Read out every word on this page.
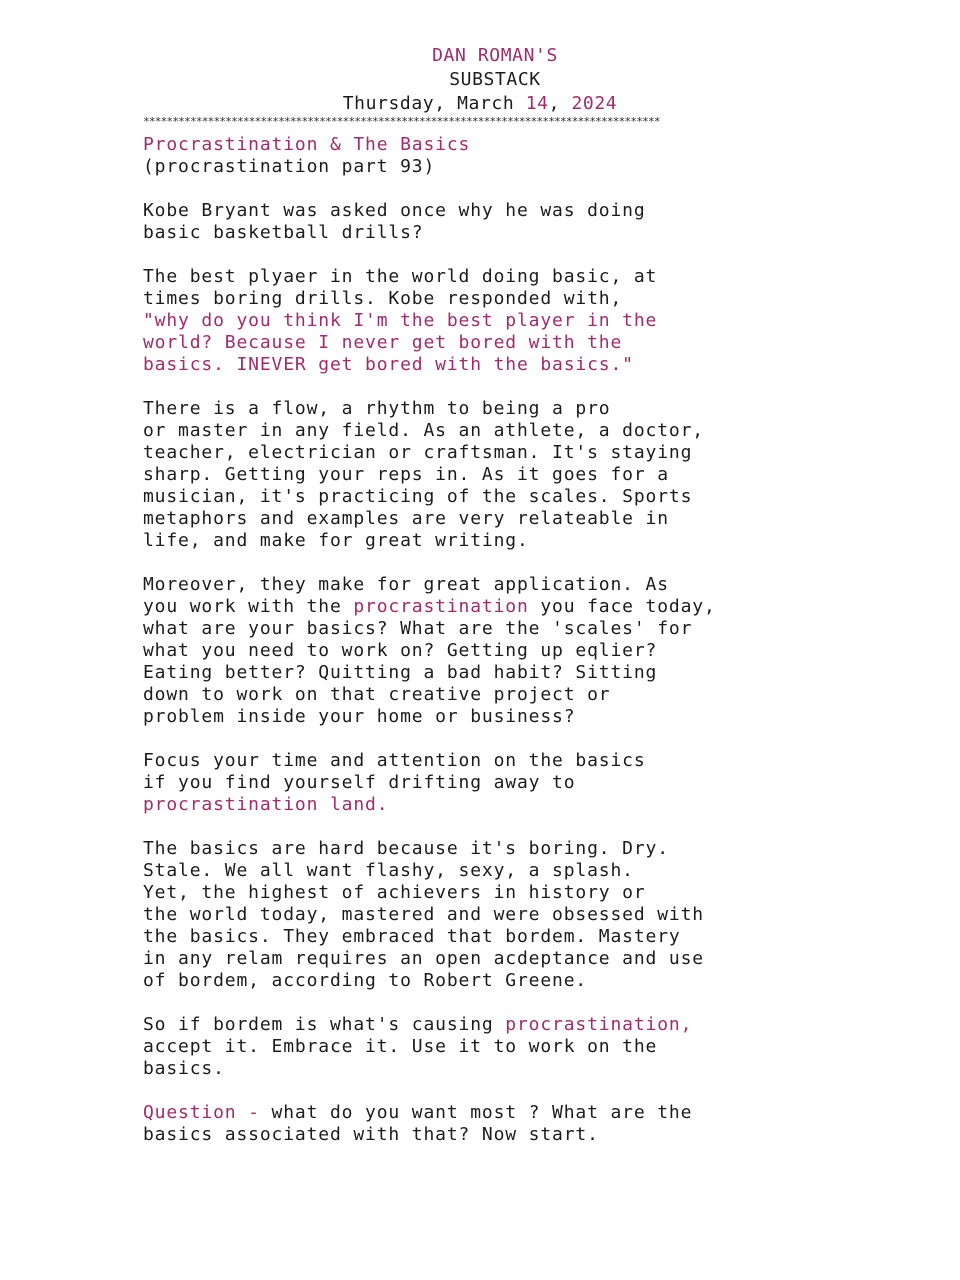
DAN ROMAN'S
SUBSTACK
Thursday, March 14, 2024
****************************************************************************************
Procrastination & The Basics
(procrastination part 93)

Kobe Bryant was asked once why he was doing
basic basketball drills?

The best plyaer in the world doing basic, at
times boring drills. Kobe responded with,
"why do you think I'm the best player in the
world? Because I never get bored with the
basics. INEVER get bored with the basics."

There is a flow, a rhythm to being a pro
or master in any field. As an athlete, a doctor,
teacher, electrician or craftsman. It's staying
sharp. Getting your reps in. As it goes for a
musician, it's practicing of the scales. Sports
metaphors and examples are very relateable in
life, and make for great writing.

Moreover, they make for great application. As
you work with the procrastination you face today,
what are your basics? What are the 'scales' for
what you need to work on? Getting up eqlier?
Eating better? Quitting a bad habit? Sitting
down to work on that creative project or
problem inside your home or business?

Focus your time and attention on the basics
if you find yourself drifting away to
procrastination land.

The basics are hard because it's boring. Dry.
Stale. We all want flashy, sexy, a splash.
Yet, the highest of achievers in history or
the world today, mastered and were obsessed with
the basics. They embraced that bordem. Mastery
in any relam requires an open acdeptance and use
of bordem, according to Robert Greene.

So if bordem is what's causing procrastination,
accept it. Embrace it. Use it to work on the
basics.

Question - what do you want most ? What are the
basics associated with that? Now start.
